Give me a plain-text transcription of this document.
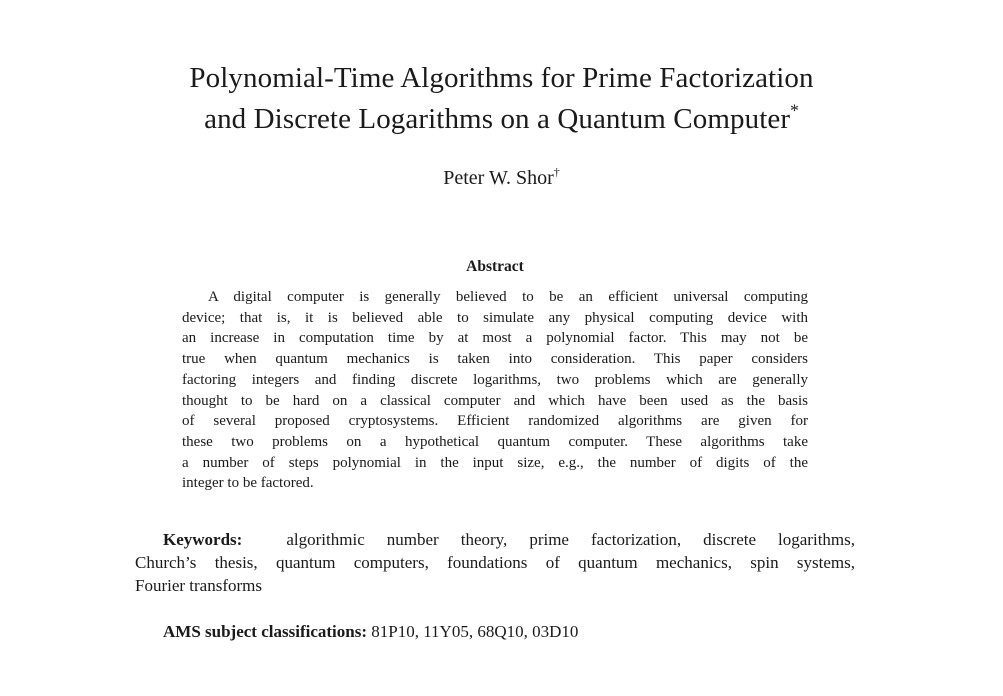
Polynomial-Time Algorithms for Prime Factorization
and Discrete Logarithms on a Quantum Computer*
Peter W. Shor†
Abstract
A digital computer is generally believed to be an efficient universal computing
device; that is, it is believed able to simulate any physical computing device with
an increase in computation time by at most a polynomial factor. This may not be
true when quantum mechanics is taken into consideration. This paper considers
factoring integers and finding discrete logarithms, two problems which are generally
thought to be hard on a classical computer and which have been used as the basis
of several proposed cryptosystems. Efficient randomized algorithms are given for
these two problems on a hypothetical quantum computer. These algorithms take
a number of steps polynomial in the input size, e.g., the number of digits of the
integer to be factored.
Keywords:	algorithmic number theory, prime factorization, discrete logarithms,
Church’s thesis, quantum computers, foundations of quantum mechanics, spin systems,
Fourier transforms
AMS subject classifications: 81P10, 11Y05, 68Q10, 03D10
